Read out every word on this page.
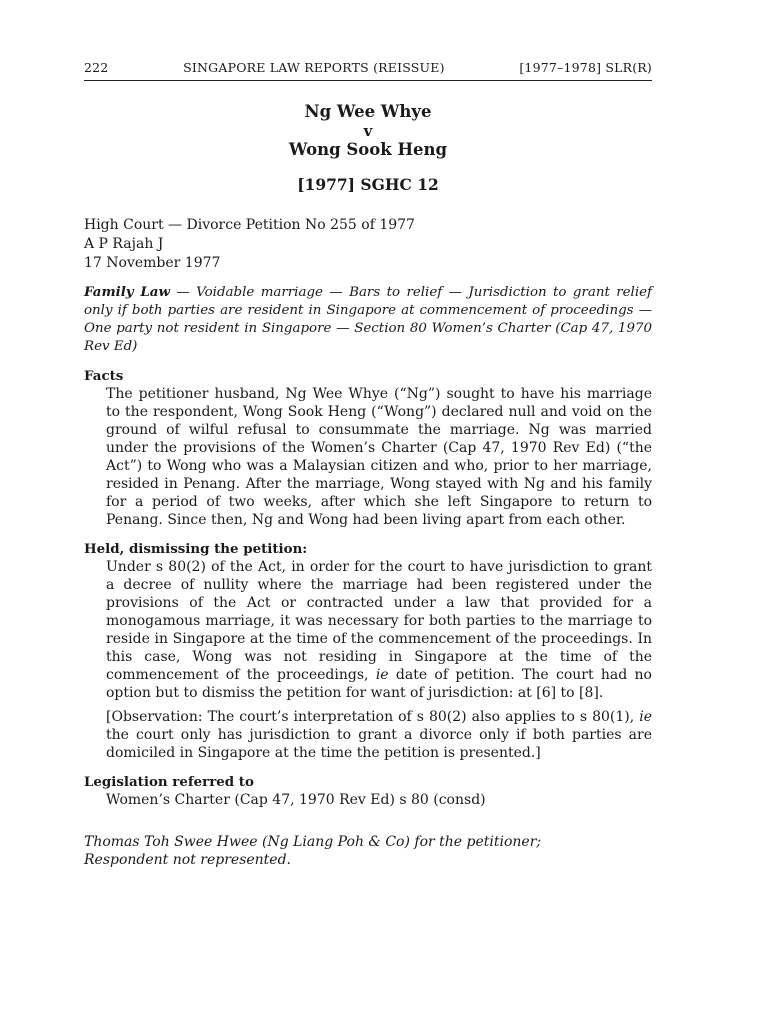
222	SINGAPORE LAW REPORTS (REISSUE)	[1977–1978] SLR(R)
Ng Wee Whye
v
Wong Sook Heng
[1977] SGHC 12
High Court — Divorce Petition No 255 of 1977
A P Rajah J
17 November 1977
Family Law — Voidable marriage — Bars to relief — Jurisdiction to grant relief only if both parties are resident in Singapore at commencement of proceedings — One party not resident in Singapore — Section 80 Women’s Charter (Cap 47, 1970 Rev Ed)
Facts
The petitioner husband, Ng Wee Whye (“Ng”) sought to have his marriage to the respondent, Wong Sook Heng (“Wong”) declared null and void on the ground of wilful refusal to consummate the marriage. Ng was married under the provisions of the Women’s Charter (Cap 47, 1970 Rev Ed) (“the Act”) to Wong who was a Malaysian citizen and who, prior to her marriage, resided in Penang. After the marriage, Wong stayed with Ng and his family for a period of two weeks, after which she left Singapore to return to Penang. Since then, Ng and Wong had been living apart from each other.
Held, dismissing the petition:
Under s 80(2) of the Act, in order for the court to have jurisdiction to grant a decree of nullity where the marriage had been registered under the provisions of the Act or contracted under a law that provided for a monogamous marriage, it was necessary for both parties to the marriage to reside in Singapore at the time of the commencement of the proceedings. In this case, Wong was not residing in Singapore at the time of the commencement of the proceedings, ie date of petition. The court had no option but to dismiss the petition for want of jurisdiction: at [6] to [8].
[Observation: The court’s interpretation of s 80(2) also applies to s 80(1), ie the court only has jurisdiction to grant a divorce only if both parties are domiciled in Singapore at the time the petition is presented.]
Legislation referred to
Women’s Charter (Cap 47, 1970 Rev Ed) s 80 (consd)
Thomas Toh Swee Hwee (Ng Liang Poh & Co) for the petitioner;
Respondent not represented.
